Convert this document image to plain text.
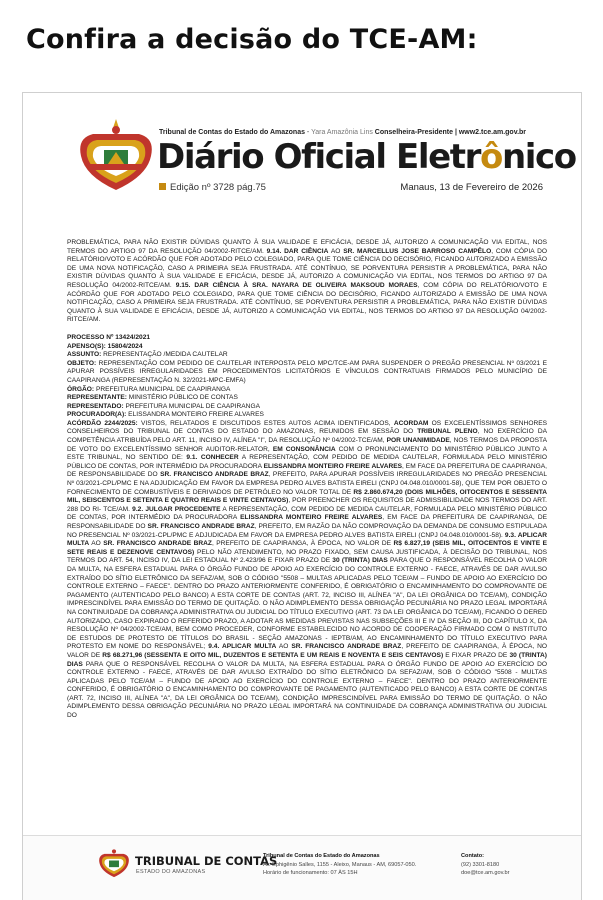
Confira a decisão do TCE-AM:
Tribunal de Contas do Estado do Amazonas - Yara Amazônia Lins Conselheira-Presidente | www2.tce.am.gov.br
Diário Oficial Eletrônico
Edição nº 3728 pág.75	Manaus, 13 de Fevereiro de 2026

PROBLEMÁTICA, PARA NÃO EXISTIR DÚVIDAS QUANTO À SUA VALIDADE E EFICÁCIA, DESDE JÁ, AUTORIZO A COMUNICAÇÃO VIA EDITAL, NOS TERMOS DO ARTIGO 97 DA RESOLUÇÃO 04/2002-RITCE/AM. 9.14. DAR CIÊNCIA AO SR. MARCELLUS JOSE BARROSO CAMPÊLO, COM CÓPIA DO RELATÓRIO/VOTO E ACÓRDÃO QUE FOR ADOTADO PELO COLEGIADO, PARA QUE TOME CIÊNCIA DO DECISÓRIO, FICANDO AUTORIZADO A EMISSÃO DE UMA NOVA NOTIFICAÇÃO, CASO A PRIMEIRA SEJA FRUSTRADA. ATÉ CONTÍNUO, SE PORVENTURA PERSISTIR A PROBLEMÁTICA, PARA NÃO EXISTIR DÚVIDAS QUANTO À SUA VALIDADE E EFICÁCIA, DESDE JÁ, AUTORIZO A COMUNICAÇÃO VIA EDITAL, NOS TERMOS DO ARTIGO 97 DA RESOLUÇÃO 04/2002-RITCE/AM. 9.15. DAR CIÊNCIA À SRA. NAYARA DE OLIVEIRA MAKSOUD MORAES, COM CÓPIA DO RELATÓRIO/VOTO E ACÓRDÃO QUE FOR ADOTADO PELO COLEGIADO, PARA QUE TOME CIÊNCIA DO DECISÓRIO, FICANDO AUTORIZADO A EMISSÃO DE UMA NOVA NOTIFICAÇÃO, CASO A PRIMEIRA SEJA FRUSTRADA. ATÉ CONTÍNUO, SE PORVENTURA PERSISTIR A PROBLEMÁTICA, PARA NÃO EXISTIR DÚVIDAS QUANTO À SUA VALIDADE E EFICÁCIA, DESDE JÁ, AUTORIZO A COMUNICAÇÃO VIA EDITAL, NOS TERMOS DO ARTIGO 97 DA RESOLUÇÃO 04/2002-RITCE/AM.

PROCESSO Nº 13424/2021
APENSO(S): 15804/2024
ASSUNTO: REPRESENTAÇÃO /MEDIDA CAUTELAR
OBJETO: REPRESENTAÇÃO COM PEDIDO DE CAUTELAR INTERPOSTA PELO MPC/TCE-AM PARA SUSPENDER O PREGÃO PRESENCIAL Nº 03/2021 E APURAR POSSÍVEIS IRREGULARIDADES EM PROCEDIMENTOS LICITATÓRIOS E VÍNCULOS CONTRATUAIS FIRMADOS PELO MUNICÍPIO DE CAAPIRANGA (REPRESENTAÇÃO N. 32/2021-MPC-EMFA)
ÓRGÃO: PREFEITURA MUNICIPAL DE CAAPIRANGA
REPRESENTANTE: MINISTÉRIO PÚBLICO DE CONTAS
REPRESENTADO: PREFEITURA MUNICIPAL DE CAAPIRANGA
PROCURADOR(A): ELISSANDRA MONTEIRO FREIRE ALVARES

ACÓRDÃO 2244/2025: VISTOS, RELATADOS E DISCUTIDOS ESTES AUTOS ACIMA IDENTIFICADOS, ACORDAM OS EXCELENTÍSSIMOS SENHORES CONSELHEIROS DO TRIBUNAL DE CONTAS DO ESTADO DO AMAZONAS, REUNIDOS EM SESSÃO DO TRIBUNAL PLENO, NO EXERCÍCIO DA COMPETÊNCIA ATRIBUÍDA PELO ART. 11, INCISO IV, ALÍNEA "I", DA RESOLUÇÃO Nº 04/2002-TCE/AM, POR UNANIMIDADE, NOS TERMOS DA PROPOSTA DE VOTO DO EXCELENTÍSSIMO SENHOR AUDITOR-RELATOR, EM CONSONÂNCIA COM O PRONUNCIAMENTO DO MINISTÉRIO PÚBLICO JUNTO A ESTE TRIBUNAL, NO SENTIDO DE: 9.1. CONHECER A REPRESENTAÇÃO, COM PEDIDO DE MEDIDA CAUTELAR, FORMULADA PELO MINISTÉRIO PÚBLICO DE CONTAS, POR INTERMÉDIO DA PROCURADORA ELISSANDRA MONTEIRO FREIRE ALVARES, EM FACE DA PREFEITURA DE CAAPIRANGA, DE RESPONSABILIDADE DO SR. FRANCISCO ANDRADE BRAZ, PREFEITO, PARA APURAR POSSÍVEIS IRREGULARIDADES NO PREGÃO PRESENCIAL Nº 03/2021-CPL/PMC E NA ADJUDICAÇÃO EM FAVOR DA EMPRESA PEDRO ALVES BATISTA EIRELI (CNPJ 04.048.010/0001-58), QUE TEM POR OBJETO O FORNECIMENTO DE COMBUSTÍVEIS E DERIVADOS DE PETRÓLEO NO VALOR TOTAL DE R$ 2.860.674,20 (DOIS MILHÕES, OITOCENTOS E SESSENTA MIL, SEISCENTOS E SETENTA E QUATRO REAIS E VINTE CENTAVOS), POR PREENCHER OS REQUISITOS DE ADMISSIBILIDADE NOS TERMOS DO ART. 288 DO RI- TCE/AM. 9.2. JULGAR PROCEDENTE A REPRESENTAÇÃO, COM PEDIDO DE MEDIDA CAUTELAR, FORMULADA PELO MINISTÉRIO PÚBLICO DE CONTAS, POR INTERMÉDIO DA PROCURADORA ELISSANDRA MONTEIRO FREIRE ALVARES, EM FACE DA PREFEITURA DE CAAPIRANGA, DE RESPONSABILIDADE DO SR. FRANCISCO ANDRADE BRAZ, PREFEITO, EM RAZÃO DA NÃO COMPROVAÇÃO DA DEMANDA DE CONSUMO ESTIPULADA NO PRESENCIAL Nº 03/2021-CPL/PMC E ADJUDICADA EM FAVOR DA EMPRESA PEDRO ALVES BATISTA EIRELI (CNPJ 04.048.010/0001-58). 9.3. APLICAR MULTA AO SR. FRANCISCO ANDRADE BRAZ, PREFEITO DE CAAPIRANGA, À ÉPOCA, NO VALOR DE R$ 6.827,19 (SEIS MIL, OITOCENTOS E VINTE E SETE REAIS E DEZENOVE CENTAVOS) PELO NÃO ATENDIMENTO, NO PRAZO FIXADO, SEM CAUSA JUSTIFICADA, À DECISÃO DO TRIBUNAL, NOS TERMOS DO ART. 54, INCISO IV, DA LEI ESTADUAL Nº 2.423/96 E FIXAR PRAZO DE 30 (TRINTA) DIAS PARA QUE O RESPONSÁVEL RECOLHA O VALOR DA MULTA, NA ESFERA ESTADUAL PARA O ÓRGÃO FUNDO DE APOIO AO EXERCÍCIO DO CONTROLE EXTERNO - FAECE, ATRAVÉS DE DAR AVULSO EXTRAÍDO DO SÍTIO ELETRÔNICO DA SEFAZ/AM, SOB O CÓDIGO "5508 – MULTAS APLICADAS PELO TCE/AM – FUNDO DE APOIO AO EXERCÍCIO DO CONTROLE EXTERNO – FAECE". DENTRO DO PRAZO ANTERIORMENTE CONFERIDO, É OBRIGATÓRIO O ENCAMINHAMENTO DO COMPROVANTE DE PAGAMENTO (AUTENTICADO PELO BANCO) A ESTA CORTE DE CONTAS (ART. 72, INCISO III, ALÍNEA "A", DA LEI ORGÂNICA DO TCE/AM), CONDIÇÃO IMPRESCINDÍVEL PARA EMISSÃO DO TERMO DE QUITAÇÃO. O NÃO ADIMPLEMENTO DESSA OBRIGAÇÃO PECUNIÁRIA NO PRAZO LEGAL IMPORTARÁ NA CONTINUIDADE DA COBRANÇA ADMINISTRATIVA OU JUDICIAL DO TÍTULO EXECUTIVO (ART. 73 DA LEI ORGÂNICA DO TCE/AM), FICANDO O DERED AUTORIZADO, CASO EXPIRADO O REFERIDO PRAZO, A ADOTAR AS MEDIDAS PREVISTAS NAS SUBSEÇÕES III E IV DA SEÇÃO III, DO CAPÍTULO X, DA RESOLUÇÃO Nº 04/2002-TCE/AM, BEM COMO PROCEDER, CONFORME ESTABELECIDO NO ACORDO DE COOPERAÇÃO FIRMADO COM O INSTITUTO DE ESTUDOS DE PROTESTO DE TÍTULOS DO BRASIL - SEÇÃO AMAZONAS - IEPTB/AM, AO ENCAMINHAMENTO DO TÍTULO EXECUTIVO PARA PROTESTO EM NOME DO RESPONSÁVEL; 9.4. APLICAR MULTA AO SR. FRANCISCO ANDRADE BRAZ, PREFEITO DE CAAPIRANGA, À ÉPOCA, NO VALOR DE R$ 68.271,96 (SESSENTA E OITO MIL, DUZENTOS E SETENTA E UM REAIS E NOVENTA E SEIS CENTAVOS) E FIXAR PRAZO DE 30 (TRINTA) DIAS PARA QUE O RESPONSÁVEL RECOLHA O VALOR DA MULTA, NA ESFERA ESTADUAL PARA O ÓRGÃO FUNDO DE APOIO AO EXERCÍCIO DO CONTROLE EXTERNO - FAECE, ATRAVÉS DE DAR AVULSO EXTRAÍDO DO SÍTIO ELETRÔNICO DA SEFAZ/AM, SOB O CÓDIGO "5508 - MULTAS APLICADAS PELO TCE/AM – FUNDO DE APOIO AO EXERCÍCIO DO CONTROLE EXTERNO – FAECE". DENTRO DO PRAZO ANTERIORMENTE CONFERIDO, É OBRIGATÓRIO O ENCAMINHAMENTO DO COMPROVANTE DE PAGAMENTO (AUTENTICADO PELO BANCO) A ESTA CORTE DE CONTAS (ART. 72, INCISO III, ALÍNEA "A", DA LEI ORGÂNICA DO TCE/AM), CONDIÇÃO IMPRESCINDÍVEL PARA EMISSÃO DO TERMO DE QUITAÇÃO. O NÃO ADIMPLEMENTO DESSA OBRIGAÇÃO PECUNIÁRIA NO PRAZO LEGAL IMPORTARÁ NA CONTINUIDADE DA COBRANÇA ADMINISTRATIVA OU JUDICIAL DO

TRIBUNAL DE CONTAS
ESTADO DO AMAZONAS
Tribunal de Contas do Estado do Amazonas
Av. Ephigênio Salles, 1155 - Aleixo, Manaus - AM, 69057-050.
Horário de funcionamento: 07 ÀS 15H
Contato:
(92) 3301-8180
doe@tce.am.gov.br
